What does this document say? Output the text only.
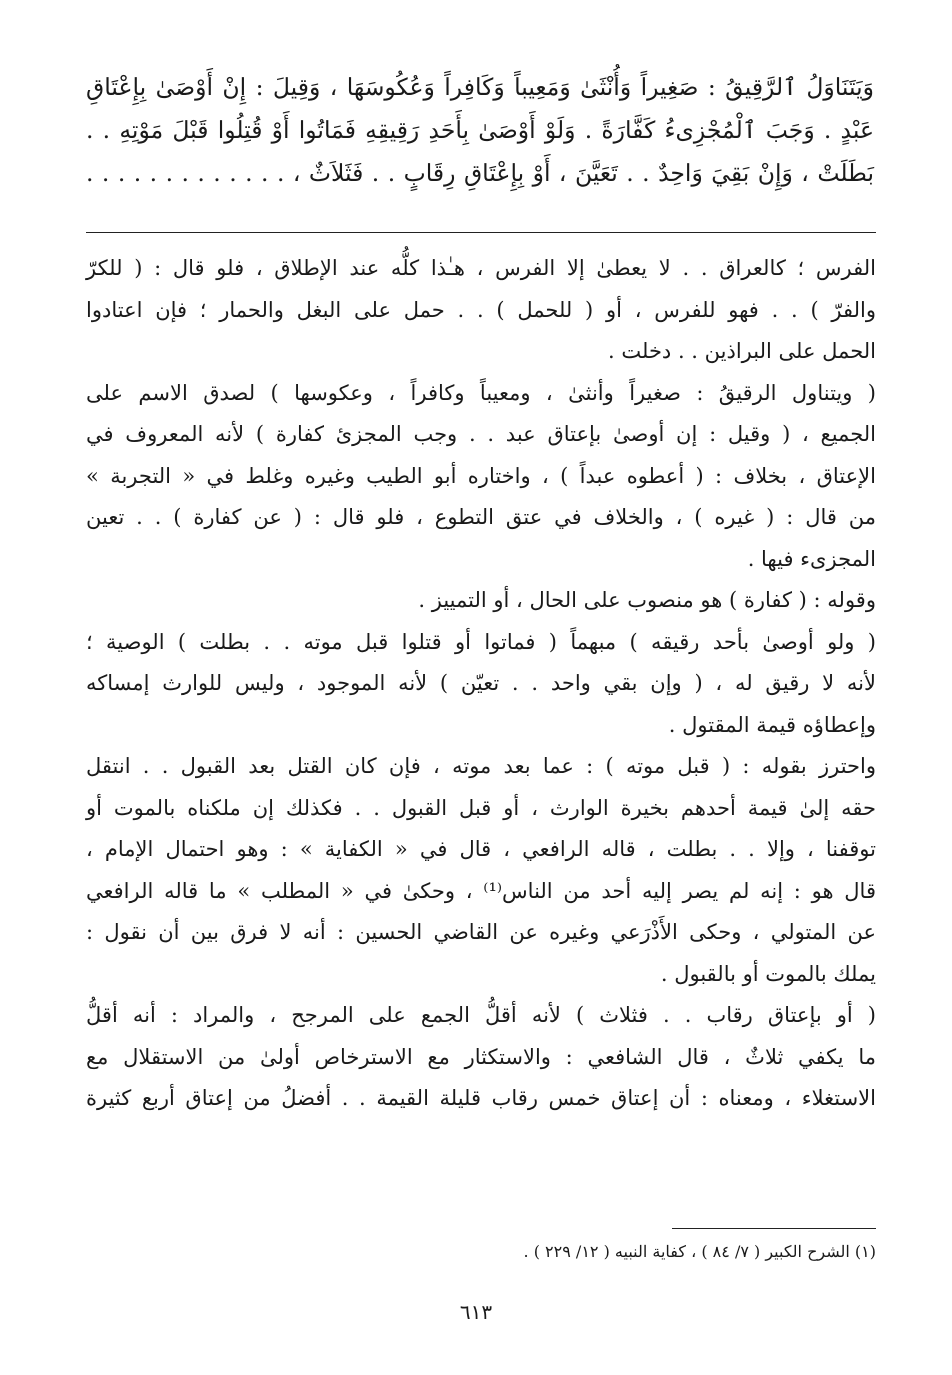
وَيَتَنَاوَلُ ٱلرَّقِيقُ : صَغِيراً وَأُنْثَىٰ وَمَعِيباً وَكَافِراً وَعُكُوسَهَا ، وَقِيلَ : إِنْ أَوْصَىٰ بِإِعْتَاقِ
عَبْدٍ . وَجَبَ ٱلْمُجْزِىءُ كَفَّارَةً . وَلَوْ أَوْصَىٰ بِأَحَدِ رَقِيقِهِ فَمَاتُوا أَوْ قُتِلُوا قَبْلَ مَوْتِهِ . .
بَطَلَتْ ، وَإِنْ بَقِيَ وَاحِدٌ . . تَعَيَّنَ ، أَوْ بِإِعْتَاقِ رِقَابٍ . . فَثَلاَثٌ ، . . . . . . . . . . . . .
الفرس ؛ كالعراق . . لا يعطىٰ إلا الفرس ، هـٰذا كلُّه عند الإطلاق ، فلو قال : ( للكرّ
والفرّ ) . . فهو للفرس ، أو ( للحمل ) . . حمل على البغل والحمار ؛ فإن اعتادوا
الحمل على البراذين . . دخلت .
( ويتناول الرقيقُ : صغيراً وأنثىٰ ، ومعيباً وكافراً ، وعكوسها ) لصدق الاسم على
الجميع ، ( وقيل : إن أوصىٰ بإعتاق عبد . . وجب المجزئ كفارة ) لأنه المعروف في
الإعتاق ، بخلاف : ( أعطوه عبداً ) ، واختاره أبو الطيب وغيره وغلط في « التجربة »
من قال : ( غيره ) ، والخلاف في عتق التطوع ، فلو قال : ( عن كفارة ) . . تعين
المجزىء فيها .
وقوله : ( كفارة ) هو منصوب على الحال ، أو التمييز .
( ولو أوصىٰ بأحد رقيقه ) مبهماً ( فماتوا أو قتلوا قبل موته . . بطلت ) الوصية ؛
لأنه لا رقيق له ، ( وإن بقي واحد . . تعيّن ) لأنه الموجود ، وليس للوارث إمساكه
وإعطاؤه قيمة المقتول .
واحترز بقوله : ( قبل موته ) : عما بعد موته ، فإن كان القتل بعد القبول . . انتقل
حقه إلىٰ قيمة أحدهم بخيرة الوارث ، أو قبل القبول . . فكذلك إن ملكناه بالموت أو
توقفنا ، وإلا . . بطلت ، قاله الرافعي ، قال في « الكفاية » : وهو احتمال الإمام ،
قال هو : إنه لم يصر إليه أحد من الناس⁽¹⁾ ، وحكىٰ في « المطلب » ما قاله الرافعي
عن المتولي ، وحكى الأَذْرَعي وغيره عن القاضي الحسين : أنه لا فرق بين أن نقول :
يملك بالموت أو بالقبول .
( أو بإعتاق رقاب . . فثلاث ) لأنه أقلُّ الجمع على المرجح ، والمراد : أنه أقلُّ
ما يكفي ثلاثٌ ، قال الشافعي : والاستكثار مع الاسترخاص أولىٰ من الاستقلال مع
الاستغلاء ، ومعناه : أن إعتاق خمس رقاب قليلة القيمة . . أفضلُ من إعتاق أربع كثيرة
(١) الشرح الكبير ( ٧/ ٨٤ ) ، كفاية النبيه ( ١٢/ ٢٢٩ ) .
٦١٣
